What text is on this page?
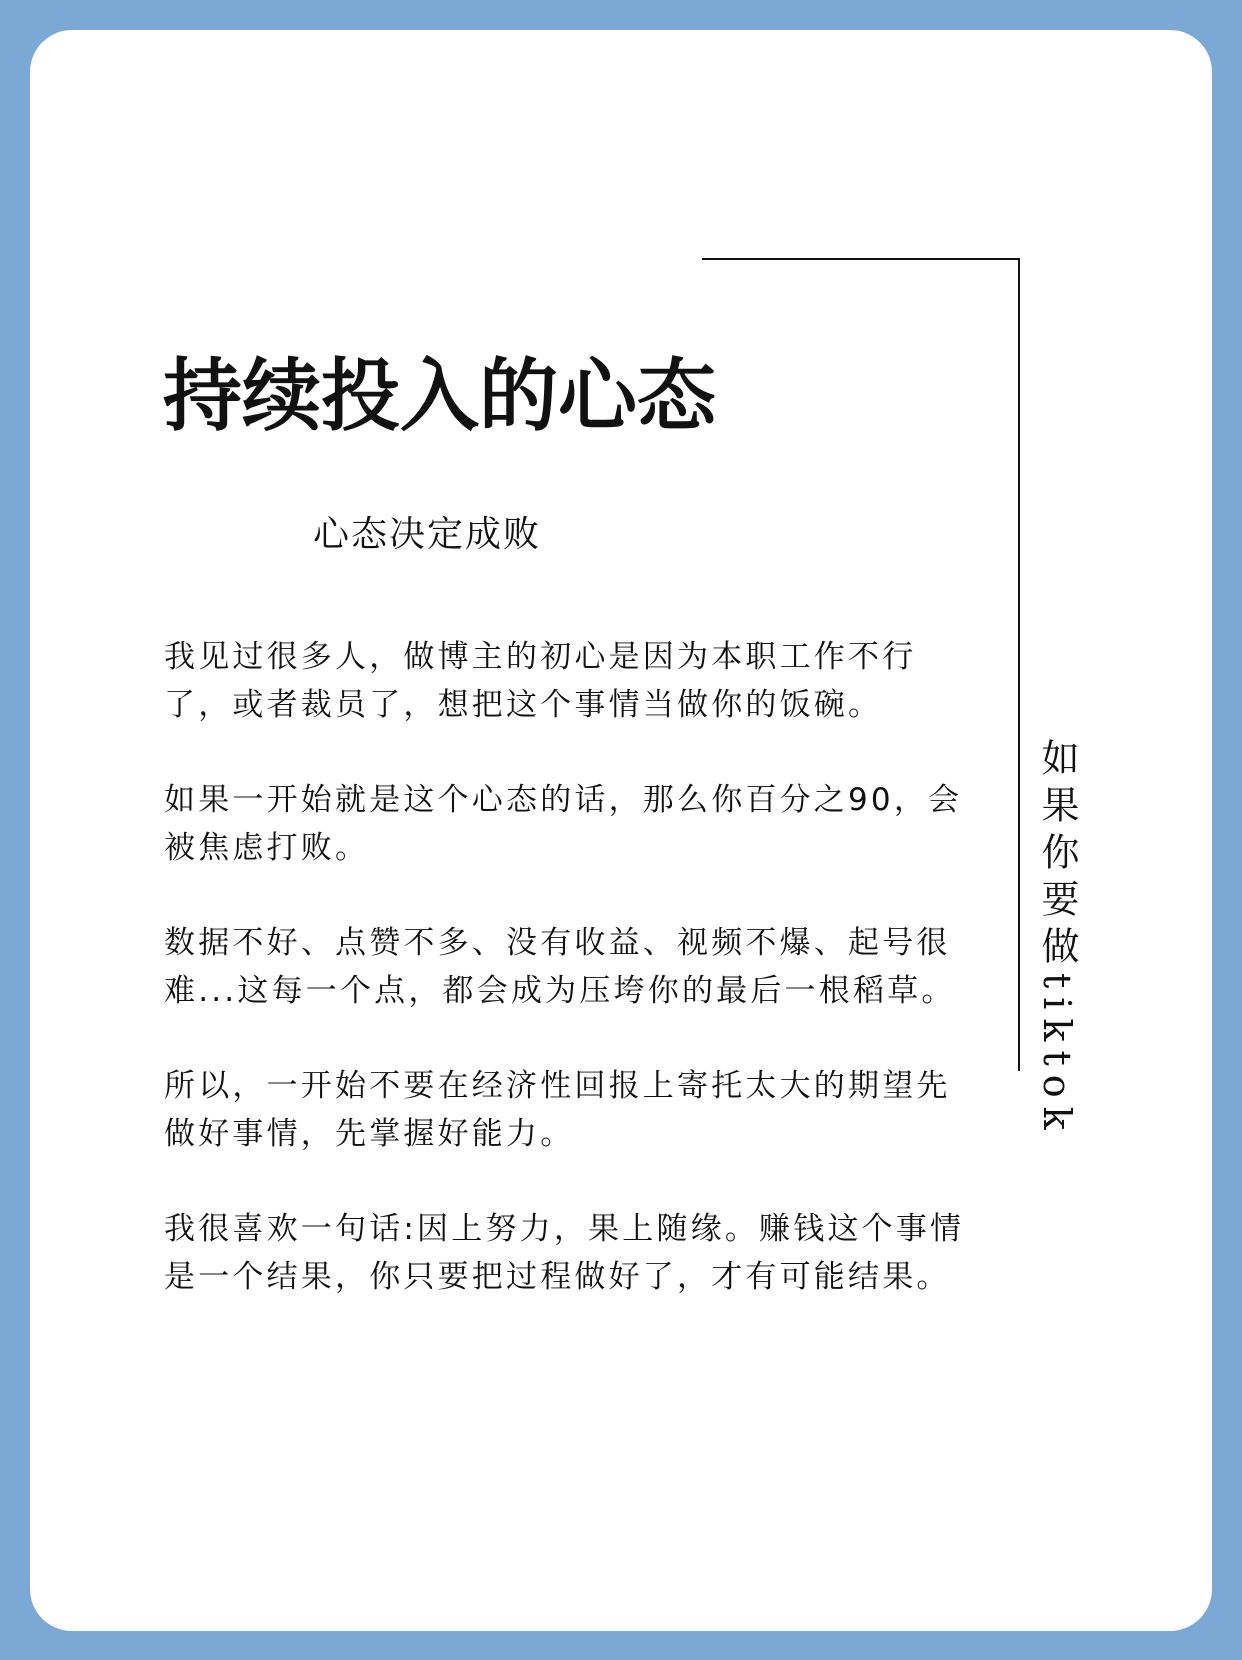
持续投入的心态

心态决定成败

我见过很多人，做博主的初心是因为本职工作不行
了，或者裁员了，想把这个事情当做你的饭碗。

如果一开始就是这个心态的话，那么你百分之90，会
被焦虑打败。

数据不好、点赞不多、没有收益、视频不爆、起号很
难...这每一个点，都会成为压垮你的最后一根稻草。

所以，一开始不要在经济性回报上寄托太大的期望先
做好事情，先掌握好能力。

我很喜欢一句话:因上努力，果上随缘。赚钱这个事情
是一个结果，你只要把过程做好了，才有可能结果。

如果你要做tiktok
